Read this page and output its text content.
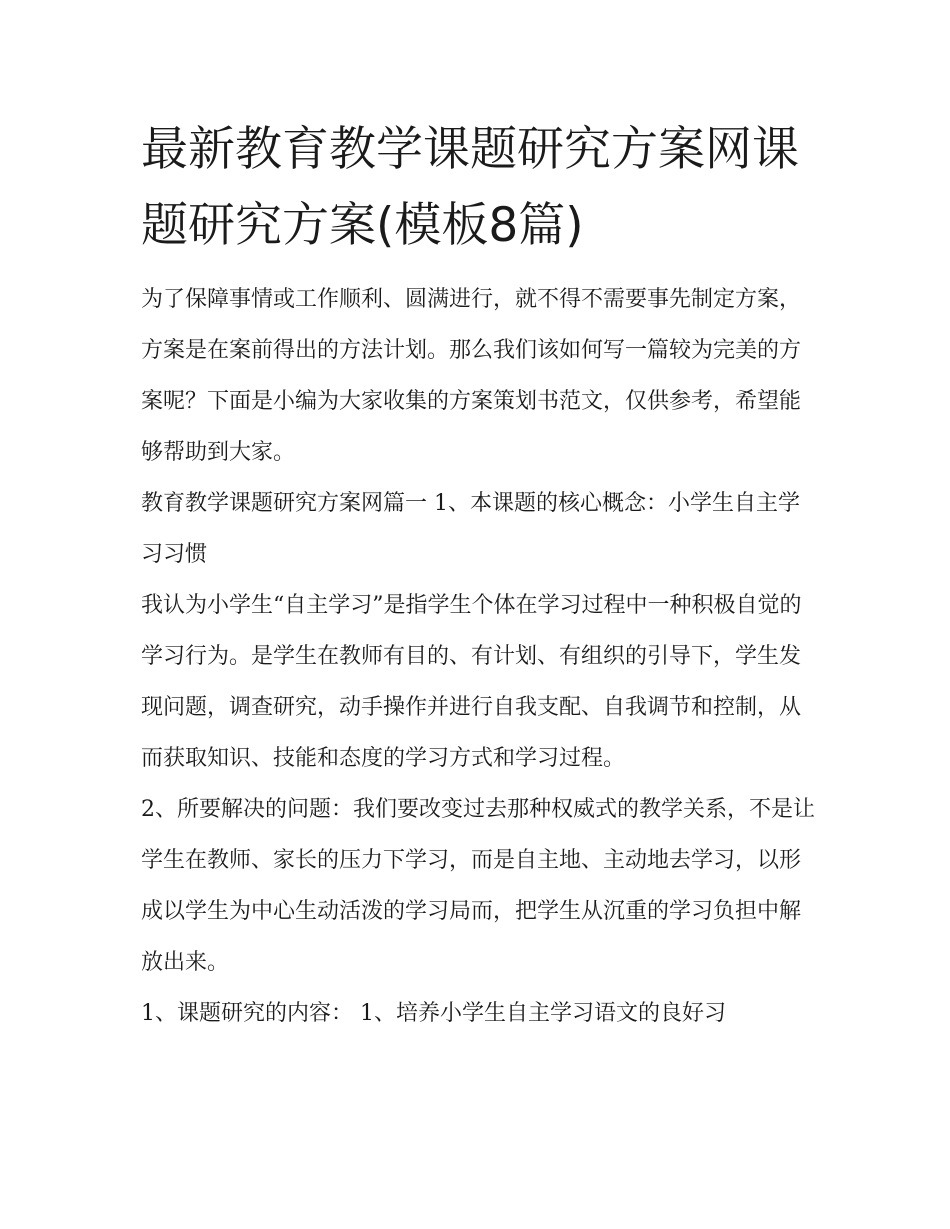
最新教育教学课题研究方案网课题研究方案(模板8篇)

为了保障事情或工作顺利、圆满进行，就不得不需要事先制定方案，方案是在案前得出的方法计划。那么我们该如何写一篇较为完美的方案呢？下面是小编为大家收集的方案策划书范文，仅供参考，希望能够帮助到大家。

教育教学课题研究方案网篇一 1、本课题的核心概念：小学生自主学习习惯

我认为小学生“自主学习”是指学生个体在学习过程中一种积极自觉的学习行为。是学生在教师有目的、有计划、有组织的引导下，学生发现问题，调查研究，动手操作并进行自我支配、自我调节和控制，从而获取知识、技能和态度的学习方式和学习过程。

2、所要解决的问题：我们要改变过去那种权威式的教学关系，不是让学生在教师、家长的压力下学习，而是自主地、主动地去学习，以形成以学生为中心生动活泼的学习局而，把学生从沉重的学习负担中解放出来。

1、课题研究的内容： 1、培养小学生自主学习语文的良好习
